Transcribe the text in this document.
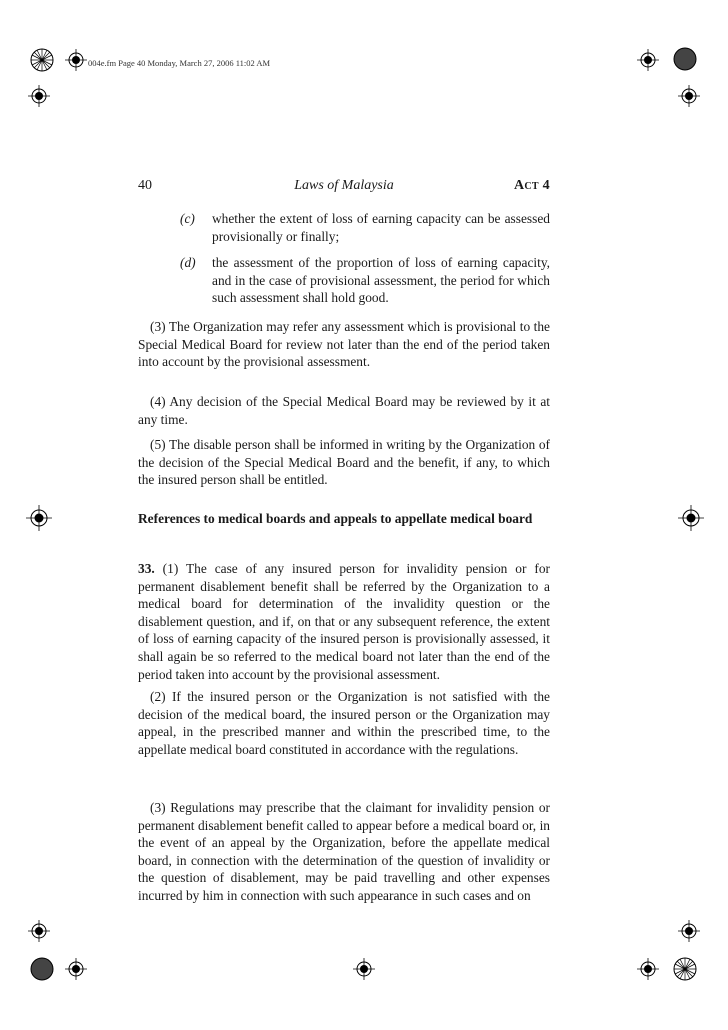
004e.fm Page 40 Monday, March 27, 2006 11:02 AM
40	Laws of Malaysia	Act 4
(c) whether the extent of loss of earning capacity can be assessed provisionally or finally;
(d) the assessment of the proportion of loss of earning capacity, and in the case of provisional assessment, the period for which such assessment shall hold good.
(3) The Organization may refer any assessment which is provisional to the Special Medical Board for review not later than the end of the period taken into account by the provisional assessment.
(4) Any decision of the Special Medical Board may be reviewed by it at any time.
(5) The disable person shall be informed in writing by the Organization of the decision of the Special Medical Board and the benefit, if any, to which the insured person shall be entitled.
References to medical boards and appeals to appellate medical board
33. (1) The case of any insured person for invalidity pension or for permanent disablement benefit shall be referred by the Organization to a medical board for determination of the invalidity question or the disablement question, and if, on that or any subsequent reference, the extent of loss of earning capacity of the insured person is provisionally assessed, it shall again be so referred to the medical board not later than the end of the period taken into account by the provisional assessment.
(2) If the insured person or the Organization is not satisfied with the decision of the medical board, the insured person or the Organization may appeal, in the prescribed manner and within the prescribed time, to the appellate medical board constituted in accordance with the regulations.
(3) Regulations may prescribe that the claimant for invalidity pension or permanent disablement benefit called to appear before a medical board or, in the event of an appeal by the Organization, before the appellate medical board, in connection with the determination of the question of invalidity or the question of disablement, may be paid travelling and other expenses incurred by him in connection with such appearance in such cases and on
